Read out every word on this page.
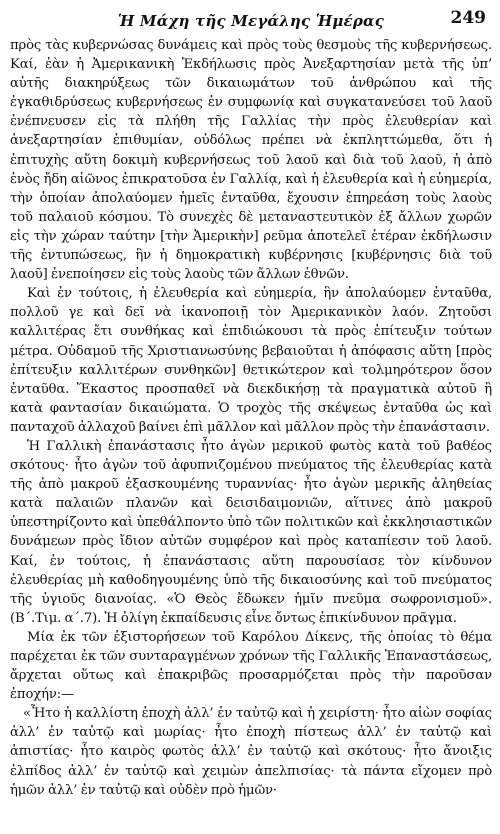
Ἡ Μάχη τῆς Μεγάλης Ἡμέρας	249

πρὸς τὰς κυβερνώσας δυνάμεις καὶ πρὸς τοὺς θεσμοὺς τῆς κυβερνήσεως. Καί, ἐὰν ἡ Ἀμερικανικὴ Ἐκδήλωσις πρὸς Ἀνεξαρτησίαν μετὰ τῆς ὑπ’ αὐτῆς διακηρύξεως τῶν δικαιωμάτων τοῦ ἀνθρώπου καὶ τῆς ἐγκαθιδρύσεως κυβερνήσεως ἐν συμφωνίᾳ καὶ συγκατανεύσει τοῦ λαοῦ ἐνέπνευσεν εἰς τὰ πλήθη τῆς Γαλλίας τὴν πρὸς ἐλευθερίαν καὶ ἀνεξαρτησίαν ἐπιθυμίαν, οὐδόλως πρέπει νὰ ἐκπληττώμεθα, ὅτι ἡ ἐπιτυχὴς αὕτη δοκιμὴ κυβερνήσεως τοῦ λαοῦ καὶ διὰ τοῦ λαοῦ, ἡ ἀπὸ ἑνὸς ἤδη αἰῶνος ἐπικρατοῦσα ἐν Γαλλίᾳ, καὶ ἡ ἐλευθερία καὶ ἡ εὐημερία, τὴν ὁποίαν ἀπολαύομεν ἡμεῖς ἐνταῦθα, ἔχουσιν ἐπηρεάση τοὺς λαοὺς τοῦ παλαιοῦ κόσμου. Τὸ συνεχὲς δὲ μεταναστευτικὸν ἐξ ἄλλων χωρῶν εἰς τὴν χώραν ταύτην [τὴν Ἀμερικὴν] ρεῦμα ἀποτελεῖ ἑτέραν ἐκδήλωσιν τῆς ἐντυπώσεως, ἣν ἡ δημοκρατικὴ κυβέρνησις [κυβέρνησις διὰ τοῦ λαοῦ] ἐνεποίησεν εἰς τοὺς λαοὺς τῶν ἄλλων ἐθνῶν.

Καὶ ἐν τούτοις, ἡ ἐλευθερία καὶ εὐημερία, ἣν ἀπολαύομεν ἐνταῦθα, πολλοῦ γε καὶ δεῖ νὰ ἱκανοποιῇ τὸν Ἀμερικανικὸν λαόν. Ζητοῦσι καλλιτέρας ἔτι συνθήκας καὶ ἐπιδιώκουσι τὰ πρὸς ἐπίτευξιν τούτων μέτρα. Οὐδαμοῦ τῆς Χριστιανωσύνης βεβαιοῦται ἡ ἀπόφασις αὕτη [πρὸς ἐπίτευξιν καλλιτέρων συνθηκῶν] θετικώτερον καὶ τολμηρότερον ὅσον ἐνταῦθα. Ἕκαστος προσπαθεῖ νὰ διεκδικήσῃ τὰ πραγματικὰ αὐτοῦ ἢ κατὰ φαντασίαν δικαιώματα. Ὁ τροχὸς τῆς σκέψεως ἐνταῦθα ὡς καὶ πανταχοῦ ἀλλαχοῦ βαίνει ἐπὶ μᾶλλον καὶ μᾶλλον πρὸς τὴν ἐπανάστασιν.

Ἡ Γαλλικὴ ἐπανάστασις ἦτο ἀγὼν μερικοῦ φωτὸς κατὰ τοῦ βαθέος σκότους· ἦτο ἀγὼν τοῦ ἀφυπνιζομένου πνεύματος τῆς ἐλευθερίας κατὰ τῆς ἀπὸ μακροῦ ἐξασκουμένης τυραννίας· ἦτο ἀγὼν μερικῆς ἀληθείας κατὰ παλαιῶν πλανῶν καὶ δεισιδαιμονιῶν, αἵτινες ἀπὸ μακροῦ ὑπεστηρίζοντο καὶ ὑπεθάλποντο ὑπὸ τῶν πολιτικῶν καὶ ἐκκλησιαστικῶν δυνάμεων πρὸς ἴδιον αὐτῶν συμφέρον καὶ πρὸς καταπίεσιν τοῦ λαοῦ. Καί, ἐν τούτοις, ἡ ἐπανάστασις αὕτη παρουσίασε τὸν κίνδυνον ἐλευθερίας μὴ καθοδηγουμένης ὑπὸ τῆς δικαιοσύνης καὶ τοῦ πνεύματος τῆς ὑγιοῦς διανοίας. «Ὁ Θεὸς ἔδωκεν ἡμῖν πνεῦμα σωφρονισμοῦ». (Β΄.Τιμ. α΄.7). Ἡ ὀλίγη ἐκπαίδευσις εἶνε ὄντως ἐπικίνδυνον πρᾶγμα.

Μία ἐκ τῶν ἐξιστορήσεων τοῦ Καρόλου Δίκενς, τῆς ὁποίας τὸ θέμα παρέχεται ἐκ τῶν συνταραγμένων χρόνων τῆς Γαλλικῆς Ἐπαναστάσεως, ἄρχεται οὕτως καὶ ἐπακριβῶς προσαρμόζεται πρὸς τὴν παροῦσαν ἐποχήν:—

«Ἦτο ἡ καλλίστη ἐποχὴ ἀλλ’ ἐν ταὐτῷ καὶ ἡ χειρίστη· ἦτο αἰὼν σοφίας ἀλλ’ ἐν ταὐτῷ καὶ μωρίας· ἦτο ἐποχὴ πίστεως ἀλλ’ ἐν ταὐτῷ καὶ ἀπιστίας· ἦτο καιρὸς φωτὸς ἀλλ’ ἐν ταὐτῷ καὶ σκότους· ἦτο ἄνοιξις ἐλπίδος ἀλλ’ ἐν ταὐτῷ καὶ χειμὼν ἀπελπισίας· τὰ πάντα εἴχομεν πρὸ ἡμῶν ἀλλ’ ἐν ταὐτῷ καὶ οὐδὲν πρὸ ἡμῶν·
